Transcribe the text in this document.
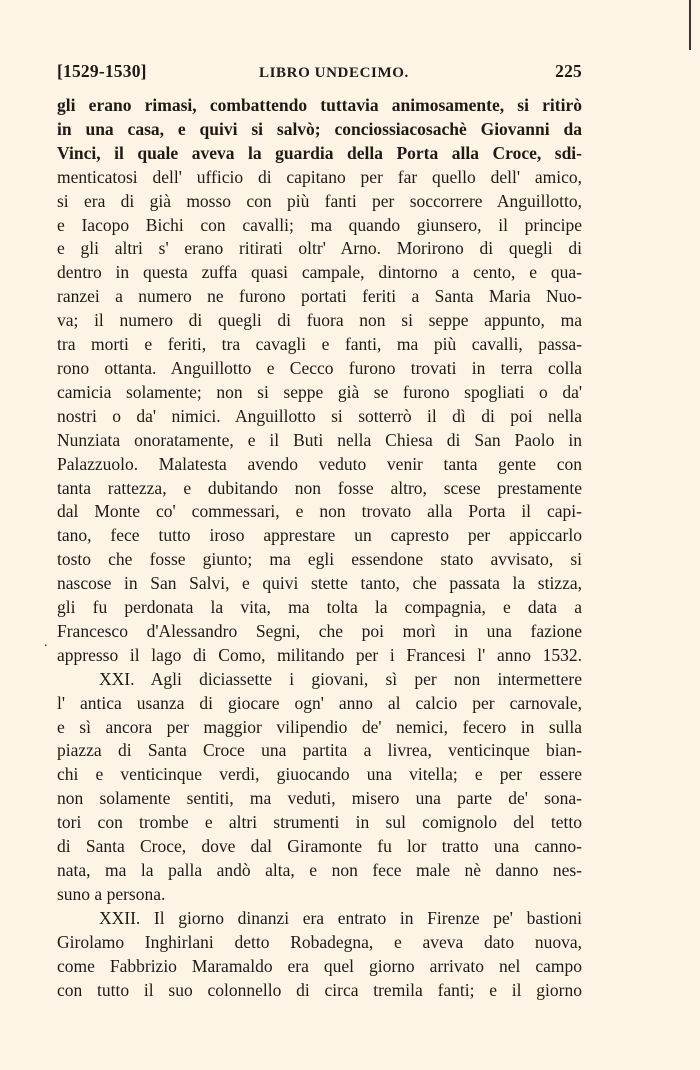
[1529-1530]	LIBRO UNDECIMO.	225
.
gli erano rimasi, combattendo tuttavia animosamente, si ritirò
in una casa, e quivi si salvò; conciossiacosachè Giovanni da
Vinci, il quale aveva la guardia della Porta alla Croce, sdi-
menticatosi dell' ufficio di capitano per far quello dell' amico,
si era di già mosso con più fanti per soccorrere Anguillotto,
e Iacopo Bichi con cavalli; ma quando giunsero, il principe
e gli altri s' erano ritirati oltr' Arno. Morirono di quegli di
dentro in questa zuffa quasi campale, dintorno a cento, e qua-
ranzei a numero ne furono portati feriti a Santa Maria Nuo-
va; il numero di quegli di fuora non si seppe appunto, ma
tra morti e feriti, tra cavagli e fanti, ma più cavalli, passa-
rono ottanta. Anguillotto e Cecco furono trovati in terra colla
camicia solamente; non si seppe già se furono spogliati o da'
nostri o da' nimici. Anguillotto si sotterrò il dì di poi nella
Nunziata onoratamente, e il Buti nella Chiesa di San Paolo in
Palazzuolo. Malatesta avendo veduto venir tanta gente con
tanta rattezza, e dubitando non fosse altro, scese prestamente
dal Monte co' commessari, e non trovato alla Porta il capi-
tano, fece tutto iroso apprestare un capresto per appiccarlo
tosto che fosse giunto; ma egli essendone stato avvisato, si
nascose in San Salvi, e quivi stette tanto, che passata la stizza,
gli fu perdonata la vita, ma tolta la compagnia, e data a
Francesco d'Alessandro Segni, che poi morì in una fazione
appresso il lago di Como, militando per i Francesi l' anno 1532.
XXI. Agli diciassette i giovani, sì per non intermettere
l' antica usanza di giocare ogn' anno al calcio per carnovale,
e sì ancora per maggior vilipendio de' nemici, fecero in sulla
piazza di Santa Croce una partita a livrea, venticinque bian-
chi e venticinque verdi, giuocando una vitella; e per essere
non solamente sentiti, ma veduti, misero una parte de' sona-
tori con trombe e altri strumenti in sul comignolo del tetto
di Santa Croce, dove dal Giramonte fu lor tratto una canno-
nata, ma la palla andò alta, e non fece male nè danno nes-
suno a persona.
XXII. Il giorno dinanzi era entrato in Firenze pe' bastioni
Girolamo Inghirlani detto Robadegna, e aveva dato nuova,
come Fabbrizio Maramaldo era quel giorno arrivato nel campo
con tutto il suo colonnello di circa tremila fanti; e il giorno
